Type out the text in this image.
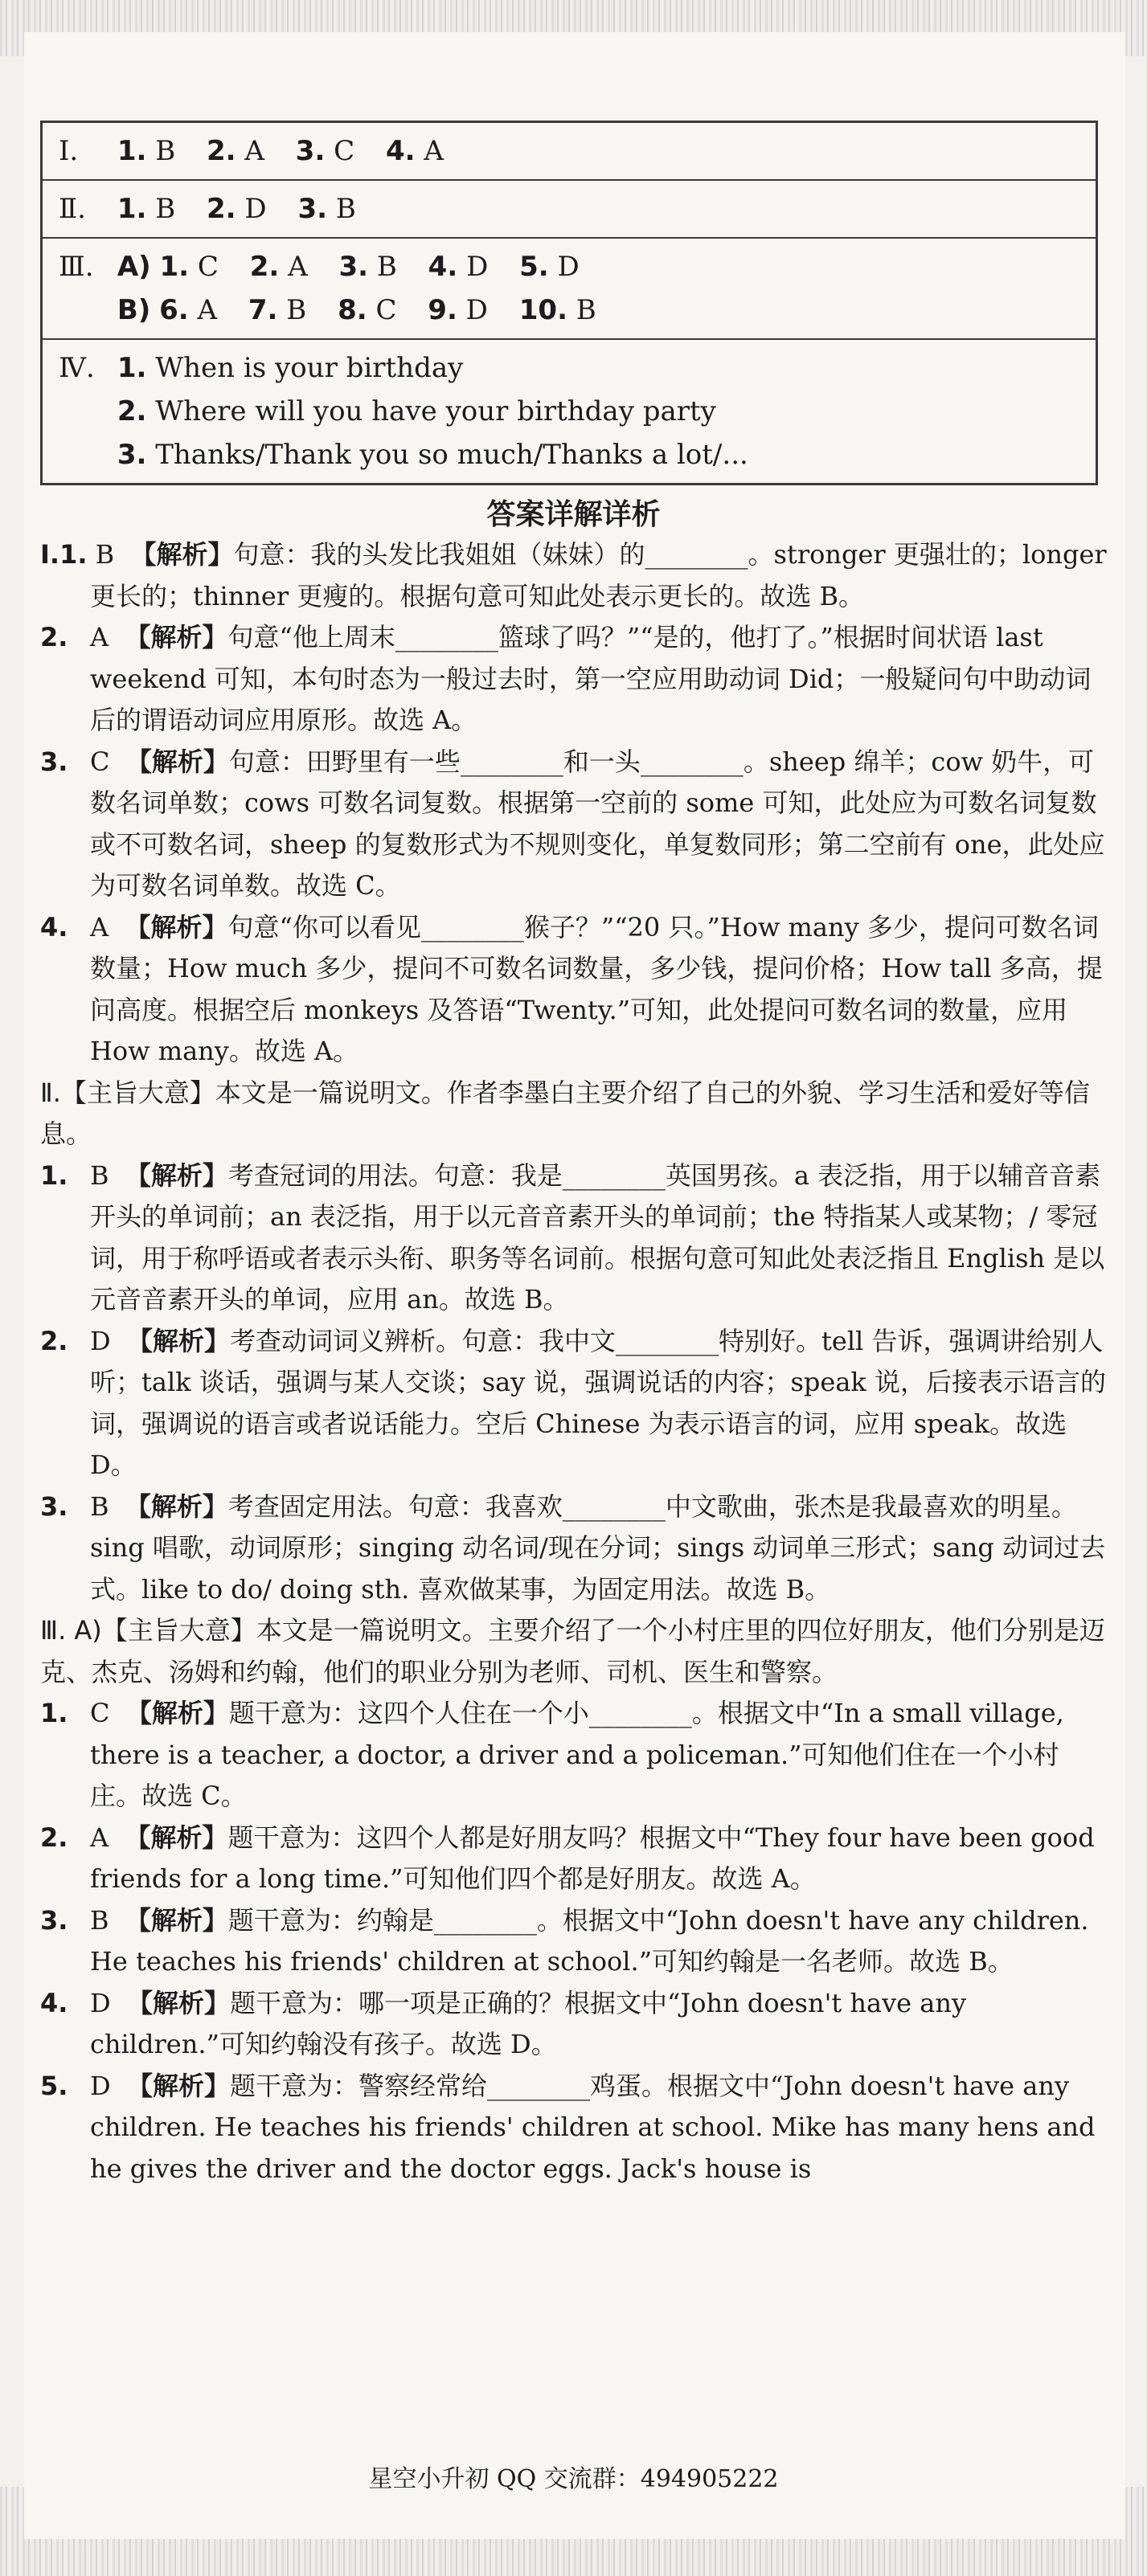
Ⅰ. 1. B 2. A 3. C 4. A
Ⅱ. 1. B 2. D 3. B
Ⅲ. A) 1. C 2. A 3. B 4. D 5. D
B) 6. A 7. B 8. C 9. D 10. B
Ⅳ. 1. When is your birthday
2. Where will you have your birthday party
3. Thanks/Thank you so much/Thanks a lot/...
答案详解详析

Ⅰ.1. B 【解析】句意：我的头发比我姐姐（妹妹）的________。stronger 更强壮的；longer 更长的；thinner 更瘦的。根据句意可知此处表示更长的。故选 B。

2. A 【解析】句意“他上周末________篮球了吗？”“是的，他打了。”根据时间状语 last weekend 可知，本句时态为一般过去时，第一空应用助动词 Did；一般疑问句中助动词后的谓语动词应用原形。故选 A。

3. C 【解析】句意：田野里有一些________和一头________。sheep 绵羊；cow 奶牛，可数名词单数；cows 可数名词复数。根据第一空前的 some 可知，此处应为可数名词复数或不可数名词，sheep 的复数形式为不规则变化，单复数同形；第二空前有 one，此处应为可数名词单数。故选 C。

4. A 【解析】句意“你可以看见________猴子？”“20 只。”How many 多少，提问可数名词数量；How much 多少，提问不可数名词数量，多少钱，提问价格；How tall 多高，提问高度。根据空后 monkeys 及答语“Twenty.”可知，此处提问可数名词的数量，应用 How many。故选 A。

Ⅱ.【主旨大意】本文是一篇说明文。作者李墨白主要介绍了自己的外貌、学习生活和爱好等信息。

1. B 【解析】考查冠词的用法。句意：我是________英国男孩。a 表泛指，用于以辅音音素开头的单词前；an 表泛指，用于以元音音素开头的单词前；the 特指某人或某物；/ 零冠词，用于称呼语或者表示头衔、职务等名词前。根据句意可知此处表泛指且 English 是以元音音素开头的单词，应用 an。故选 B。

2. D 【解析】考查动词词义辨析。句意：我中文________特别好。tell 告诉，强调讲给别人听；talk 谈话，强调与某人交谈；say 说，强调说话的内容；speak 说，后接表示语言的词，强调说的语言或者说话能力。空后 Chinese 为表示语言的词，应用 speak。故选 D。

3. B 【解析】考查固定用法。句意：我喜欢________中文歌曲，张杰是我最喜欢的明星。sing 唱歌，动词原形；singing 动名词/现在分词；sings 动词单三形式；sang 动词过去式。like to do/ doing sth. 喜欢做某事，为固定用法。故选 B。

Ⅲ. A)【主旨大意】本文是一篇说明文。主要介绍了一个小村庄里的四位好朋友，他们分别是迈克、杰克、汤姆和约翰，他们的职业分别为老师、司机、医生和警察。

1. C 【解析】题干意为：这四个人住在一个小________。根据文中“In a small village, there is a teacher, a doctor, a driver and a policeman.”可知他们住在一个小村庄。故选 C。

2. A 【解析】题干意为：这四个人都是好朋友吗？根据文中“They four have been good friends for a long time.”可知他们四个都是好朋友。故选 A。

3. B 【解析】题干意为：约翰是________。根据文中“John doesn't have any children. He teaches his friends' children at school.”可知约翰是一名老师。故选 B。

4. D 【解析】题干意为：哪一项是正确的？根据文中“John doesn't have any children.”可知约翰没有孩子。故选 D。

5. D 【解析】题干意为：警察经常给________鸡蛋。根据文中“John doesn't have any children. He teaches his friends' children at school. Mike has many hens and he gives the driver and the doctor eggs. Jack's house is

星空小升初 QQ 交流群：494905222
